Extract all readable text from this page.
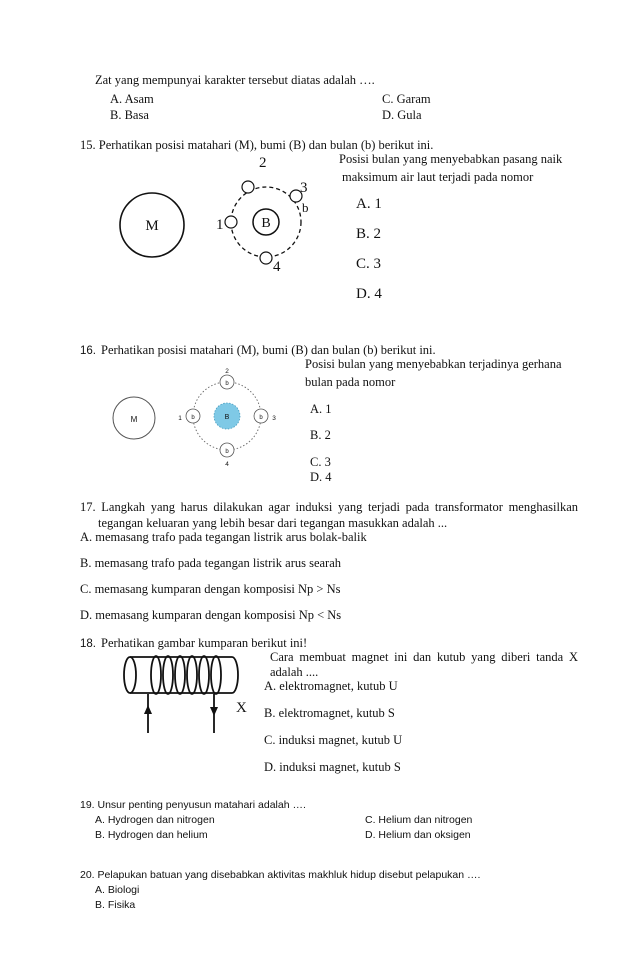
Zat yang mempunyai karakter tersebut diatas adalah ….
A. Asam
B. Basa
C. Garam
D. Gula
15. Perhatikan posisi matahari (M), bumi (B) dan bulan (b) berikut ini.
Posisi bulan yang menyebabkan pasang naik
maksimum air laut terjadi pada nomor
A. 1
B. 2
C. 3
D. 4
M	B
1
2
3
4
b
16. Perhatikan posisi matahari (M), bumi (B) dan bulan (b) berikut ini.
Posisi bulan yang menyebabkan terjadinya gerhana
bulan pada nomor
A. 1
B. 2
C. 3
D. 4
M	B
b
b
b
b
1
2
3
4
17. Langkah yang harus dilakukan agar induksi yang terjadi pada transformator menghasilkan
tegangan keluaran yang lebih besar dari tegangan masukkan adalah ...
A. memasang trafo pada tegangan listrik arus bolak-balik
B. memasang trafo pada tegangan listrik arus searah
C. memasang kumparan dengan komposisi Np > Ns
D. memasang kumparan dengan komposisi Np < Ns
18. Perhatikan gambar kumparan berikut ini!
Cara membuat magnet ini dan kutub yang diberi tanda X
adalah ....
A. elektromagnet, kutub U
B. elektromagnet, kutub S
C. induksi magnet, kutub U
D. induksi magnet, kutub S
X
19. Unsur penting penyusun matahari adalah ….
A. Hydrogen dan nitrogen
B. Hydrogen dan helium
C. Helium dan nitrogen
D. Helium dan oksigen
20. Pelapukan batuan yang disebabkan aktivitas makhluk hidup disebut pelapukan ….
A. Biologi
B. Fisika
